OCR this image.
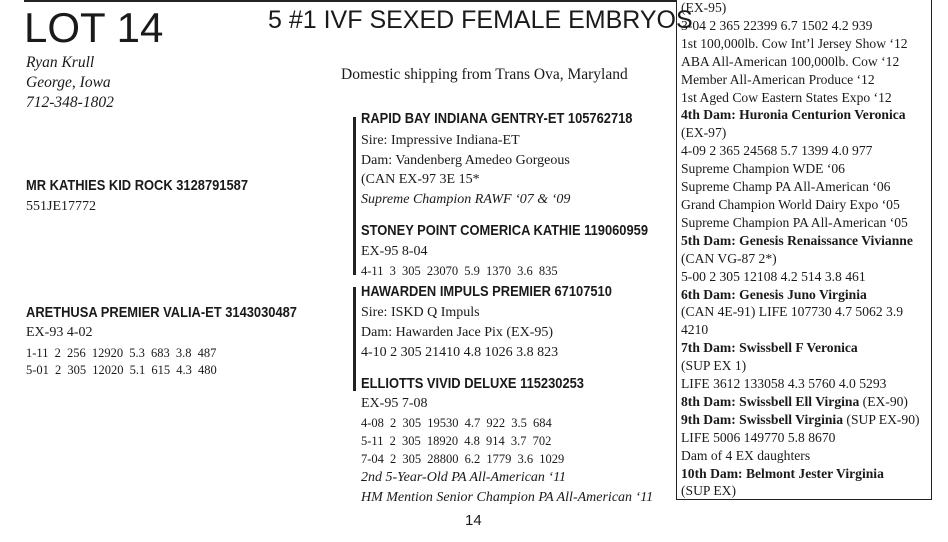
LOT 14	5 #1 IVF SEXED FEMALE EMBRYOS
Ryan Krull
George, Iowa
712-348-1802
Domestic shipping from Trans Ova, Maryland
MR KATHIES KID ROCK 3128791587
551JE17772
ARETHUSA PREMIER VALIA-ET 3143030487
EX-93 4-02
1-11 2 256 12920 5.3 683 3.8 487
5-01 2 305 12020 5.1 615 4.3 480
RAPID BAY INDIANA GENTRY-ET 105762718
Sire: Impressive Indiana-ET
Dam: Vandenberg Amedeo Gorgeous
(CAN EX-97 3E 15*
Supreme Champion RAWF ‘07 & ‘09
STONEY POINT COMERICA KATHIE 119060959
EX-95 8-04
4-11 3 305 23070 5.9 1370 3.6 835
HAWARDEN IMPULS PREMIER 67107510
Sire: ISKD Q Impuls
Dam: Hawarden Jace Pix (EX-95)
4-10 2 305 21410 4.8 1026 3.8 823
ELLIOTTS VIVID DELUXE 115230253
EX-95 7-08
4-08 2 305 19530 4.7 922 3.5 684
5-11 2 305 18920 4.8 914 3.7 702
7-04 2 305 28800 6.2 1779 3.6 1029
2nd 5-Year-Old PA All-American ‘11
HM Mention Senior Champion PA All-American ‘11
(EX-95)
3-04 2 365 22399 6.7 1502 4.2 939
1st 100,000lb. Cow Int’l Jersey Show ‘12
ABA All-American 100,000lb. Cow ‘12
Member All-American Produce ‘12
1st Aged Cow Eastern States Expo ‘12
4th Dam: Huronia Centurion Veronica
(EX-97)
4-09 2 365 24568 5.7 1399 4.0 977
Supreme Champion WDE ‘06
Supreme Champ PA All-American ‘06
Grand Champion World Dairy Expo ‘05
Supreme Champion PA All-American ‘05
5th Dam: Genesis Renaissance Vivianne
(CAN VG-87 2*)
5-00 2 305 12108 4.2 514 3.8 461
6th Dam: Genesis Juno Virginia
(CAN 4E-91) LIFE 107730 4.7 5062 3.9
4210
7th Dam: Swissbell F Veronica
(SUP EX 1)
LIFE 3612 133058 4.3 5760 4.0 5293
8th Dam: Swissbell Ell Virgina (EX-90)
9th Dam: Swissbell Virginia (SUP EX-90)
LIFE 5006 149770 5.8 8670
Dam of 4 EX daughters
10th Dam: Belmont Jester Virginia
(SUP EX)
14
